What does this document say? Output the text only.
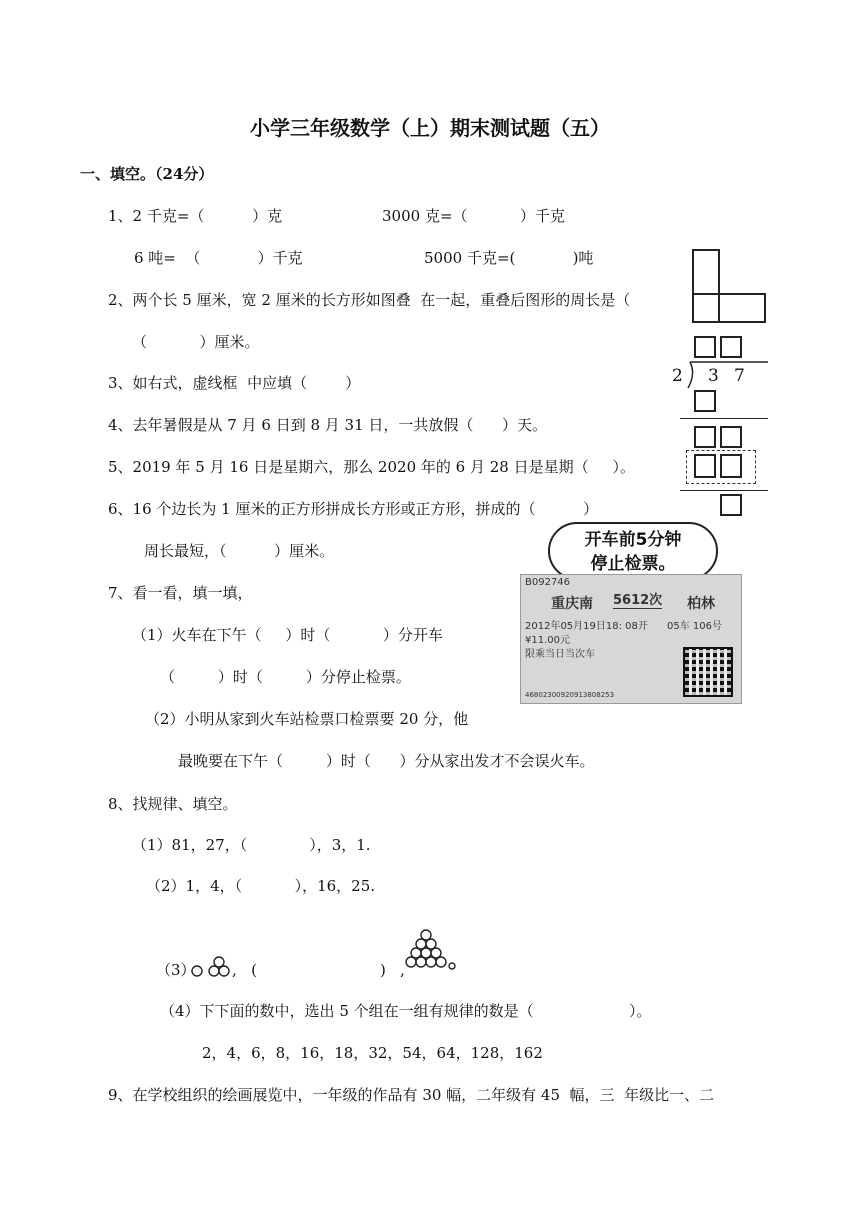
小学三年级数学（上）期末测试题（五）
一、填空。（24分）
1、2 千克=（          ）克	3000 克=（           ）千克
6 吨=  （            ）千克	5000 千克=(            )吨
2、两个长 5 厘米，宽 2 厘米的长方形如图叠  在一起，重叠后图形的周长是（
（           ）厘米。
3、如右式，虚线框  中应填（        ）
4、去年暑假是从 7 月 6 日到 8 月 31 日，一共放假（      ）天。
5、2019 年 5 月 16 日是星期六，那么 2020 年的 6 月 28 日是星期（     ）。
6、16 个边长为 1 厘米的正方形拼成长方形或正方形，拼成的（          ）
周长最短，（          ）厘米。
7、看一看，填一填，
（1）火车在下午（     ）时（           ）分开车
（         ）时（         ）分停止检票。
（2）小明从家到火车站检票口检票要 20 分，他
最晚要在下午（         ）时（      ）分从家出发才不会误火车。
8、找规律、填空。
（1）81，27，（             ），3，1.
（2）1，4，（           ），16，25.
（3） ,   (	)   ,
（4）下下面的数中，选出 5 个组在一组有规律的数是（                    ）。
2，4，6，8，16，18，32，54，64，128，162
9、在学校组织的绘画展览中，一年级的作品有 30 幅，二年级有 45  幅，三  年级比一、二
2 3 7
开车前5分钟
停止检票。
B092746
重庆南 5612次 柏林
2012年05月19日18: 08开 05车 106号
¥11.00元
限乘当日当次车
46802300920913808253
